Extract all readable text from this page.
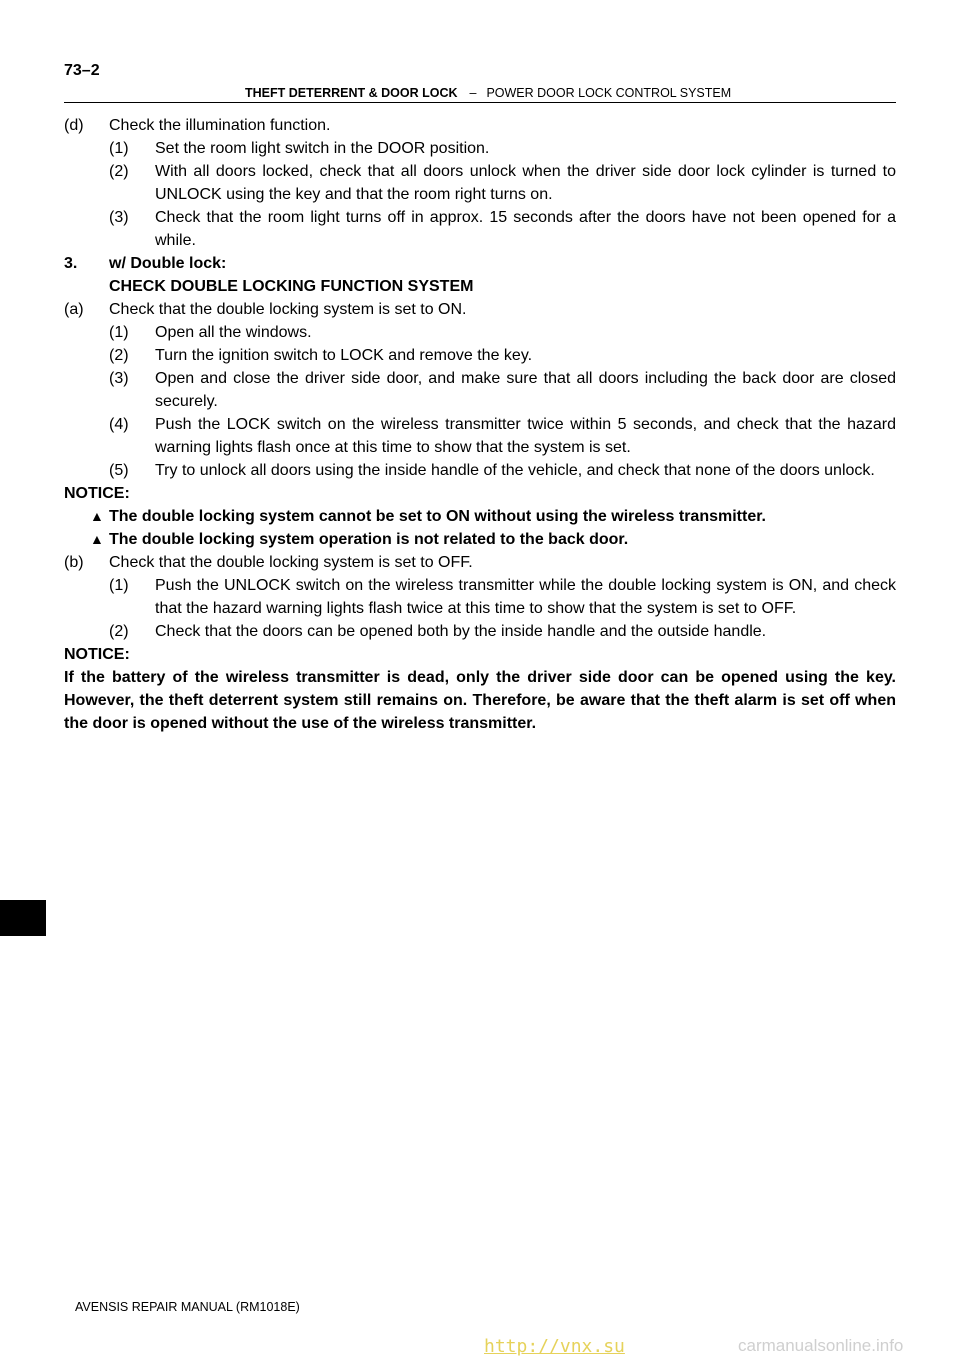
73–2
THEFT DETERRENT & DOOR LOCK – POWER DOOR LOCK CONTROL SYSTEM
(d) Check the illumination function.
(1) Set the room light switch in the DOOR position.
(2) With all doors locked, check that all doors unlock when the driver side door lock cylinder is turned to UNLOCK using the key and that the room right turns on.
(3) Check that the room light turns off in approx. 15 seconds after the doors have not been opened for a while.
3. w/ Double lock:
CHECK DOUBLE LOCKING FUNCTION SYSTEM
(a) Check that the double locking system is set to ON.
(1) Open all the windows.
(2) Turn the ignition switch to LOCK and remove the key.
(3) Open and close the driver side door, and make sure that all doors including the back door are closed securely.
(4) Push the LOCK switch on the wireless transmitter twice within 5 seconds, and check that the hazard warning lights flash once at this time to show that the system is set.
(5) Try to unlock all doors using the inside handle of the vehicle, and check that none of the doors unlock.
NOTICE:
▲ The double locking system cannot be set to ON without using the wireless transmitter.
▲ The double locking system operation is not related to the back door.
(b) Check that the double locking system is set to OFF.
(1) Push the UNLOCK switch on the wireless transmitter while the double locking system is ON, and check that the hazard warning lights flash twice at this time to show that the system is set to OFF.
(2) Check that the doors can be opened both by the inside handle and the outside handle.
NOTICE:
If the battery of the wireless transmitter is dead, only the driver side door can be opened using the key. However, the theft deterrent system still remains on. Therefore, be aware that the theft alarm is set off when the door is opened without the use of the wireless transmitter.
AVENSIS REPAIR MANUAL (RM1018E)
http://vnx.su	carmanualsonline.info
